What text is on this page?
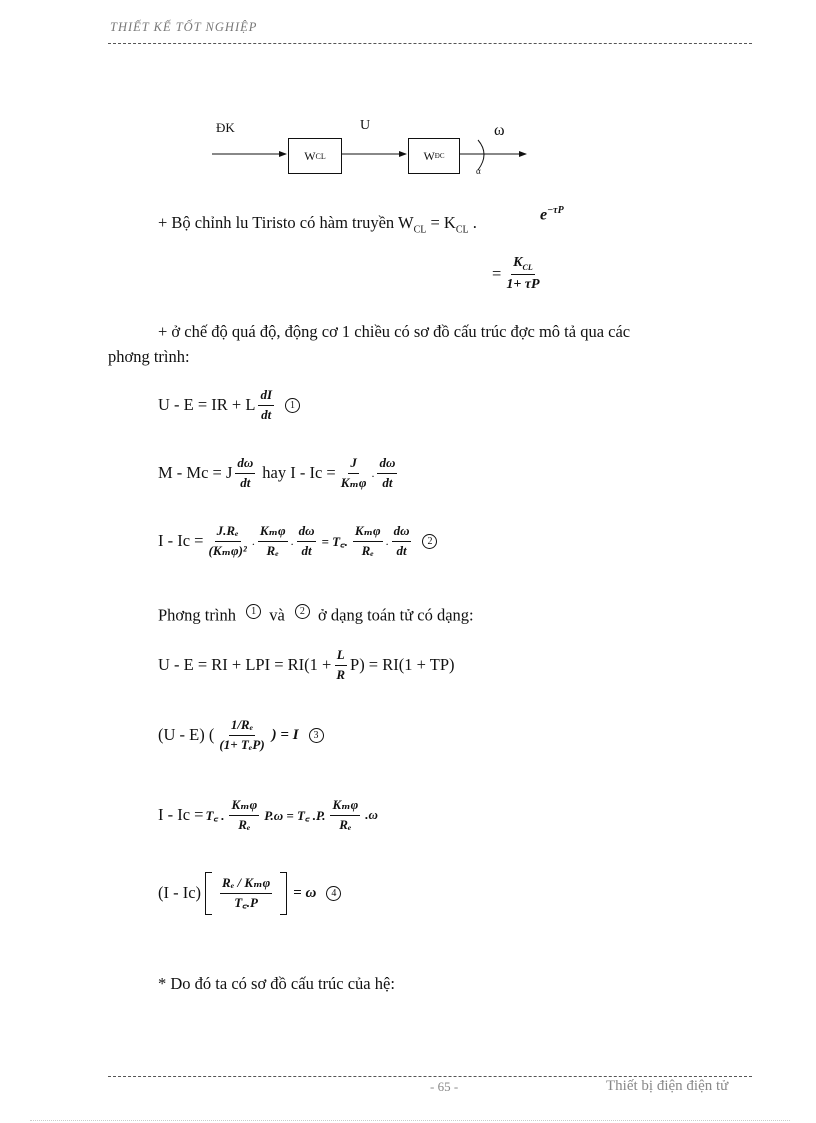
THIẾT KẾ TỐT NGHIỆP
ĐK	U	ω
W CL	W ĐC
α
+ Bộ chỉnh lu Tiristo có hàm truyền $W_{CL} = K_{CL}$ .	$e^{-\tau P}$
= $\frac{K_{CL}}{1+ \tau P}$
+ ở chế độ quá độ, động cơ 1 chiều có sơ đồ cấu trúc đợc mô tả qua các
phơng trình:
U - E = IR + L $\frac{dI}{dt}$	1
M - Mc = J $\frac{d\omega}{dt}$ hay $I - Ic = \frac{J}{\text{Kₘφ}}$ . $\frac{d\omega}{dt}$
$I - Ic = \frac{\text{J.Rₑ}}{\text{(Kₘφ)²}}$ . $\frac{\text{Kₘφ}}{\text{Rₑ}}$ . $\frac{d\omega}{dt}$ = T꜀. $\frac{\text{Kₘφ}}{\text{Rₑ}}$ . $\frac{d\omega}{dt}$	2
Phơng trình 1 và 2 ở dạng toán tử có dạng:
U - E = RI + LPI = $RI(1 + \frac{L}{R} P) = RI(1 + TP)$
(U - E) ( $\frac{\text{1/Rₑ}}{\text{(1+ TₑP)}}$ ) = I	3
I - Ic = T꜀ . $\frac{\text{Kₘφ}}{\text{Rₑ}} P.\omega$ = T꜀ .P. $\frac{\text{Kₘφ}}{\text{Rₑ}} .\omega$
$(I - Ic) \frac{\text{Rₑ / Kₘφ}}{T꜀.P} = \omega$	4
* Do đó ta có sơ đồ cấu trúc của hệ:
- 65 -	Thiết bị điện điện tử
